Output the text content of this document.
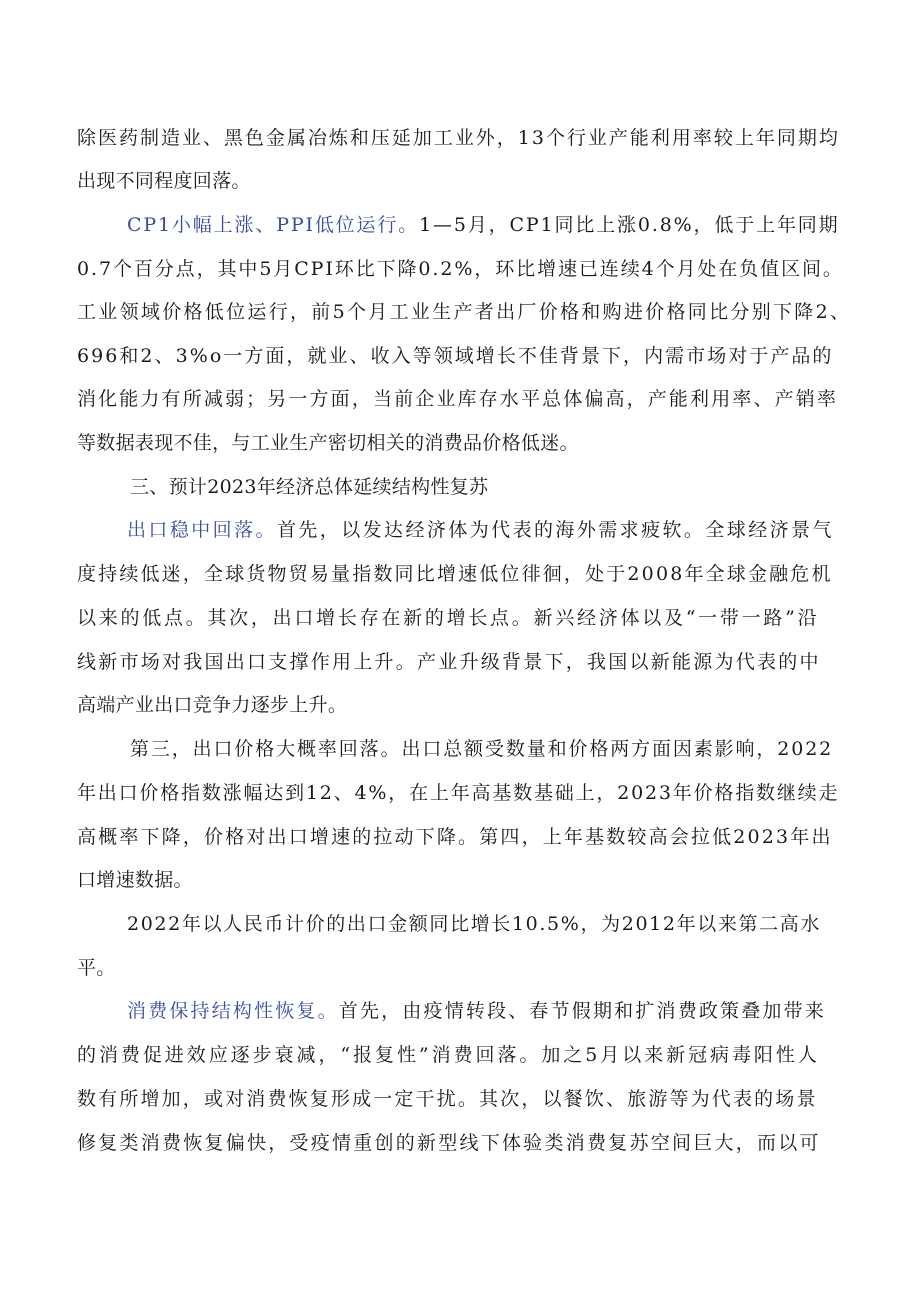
除医药制造业、黑色金属冶炼和压延加工业外，13个行业产能利用率较上年同期均
出现不同程度回落。
CP1小幅上涨、PPI低位运行。1—5月，CP1同比上涨0.8%，低于上年同期
0.7个百分点，其中5月CPI环比下降0.2%，环比增速已连续4个月处在负值区间。
工业领域价格低位运行，前5个月工业生产者出厂价格和购进价格同比分别下降2、
696和2、3%o一方面，就业、收入等领域增长不佳背景下，内需市场对于产品的
消化能力有所减弱；另一方面，当前企业库存水平总体偏高，产能利用率、产销率
等数据表现不佳，与工业生产密切相关的消费品价格低迷。
三、预计2023年经济总体延续结构性复苏
出口稳中回落。首先，以发达经济体为代表的海外需求疲软。全球经济景气
度持续低迷，全球货物贸易量指数同比增速低位徘徊，处于2008年全球金融危机
以来的低点。其次，出口增长存在新的增长点。新兴经济体以及“一带一路”沿
线新市场对我国出口支撑作用上升。产业升级背景下，我国以新能源为代表的中
高端产业出口竞争力逐步上升。
第三，出口价格大概率回落。出口总额受数量和价格两方面因素影响，2022
年出口价格指数涨幅达到12、4%，在上年高基数基础上，2023年价格指数继续走
高概率下降，价格对出口增速的拉动下降。第四，上年基数较高会拉低2023年出
口增速数据。
2022年以人民币计价的出口金额同比增长10.5%，为2012年以来第二高水
平。
消费保持结构性恢复。首先，由疫情转段、春节假期和扩消费政策叠加带来
的消费促进效应逐步衰减，“报复性”消费回落。加之5月以来新冠病毒阳性人
数有所增加，或对消费恢复形成一定干扰。其次，以餐饮、旅游等为代表的场景
修复类消费恢复偏快，受疫情重创的新型线下体验类消费复苏空间巨大，而以可
